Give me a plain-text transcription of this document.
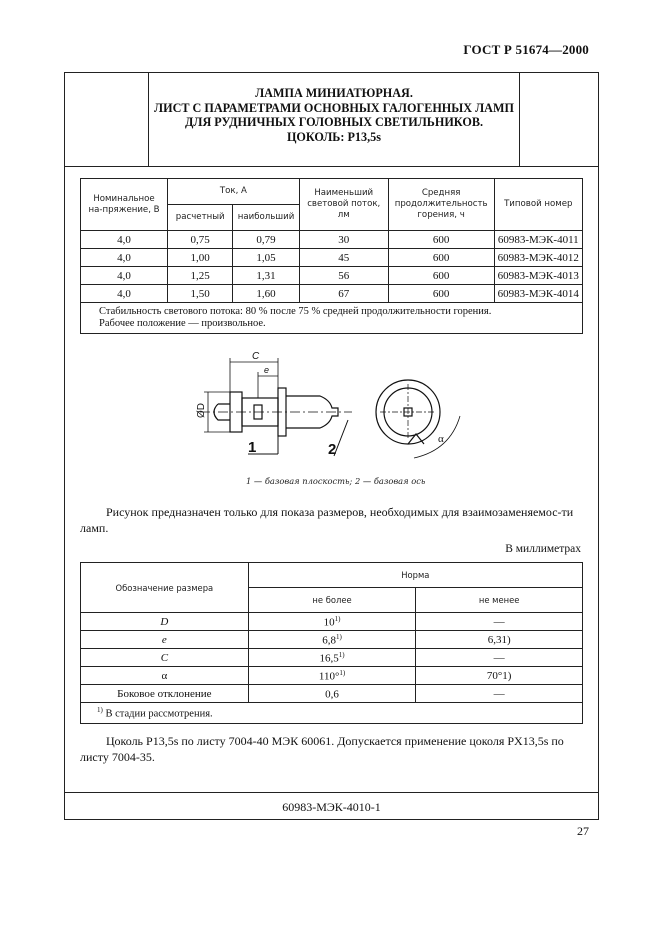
ГОСТ Р 51674—2000
ЛАМПА МИНИАТЮРНАЯ.
ЛИСТ С ПАРАМЕТРАМИ ОСНОВНЫХ ГАЛОГЕННЫХ ЛАМП
ДЛЯ РУДНИЧНЫХ ГОЛОВНЫХ СВЕТИЛЬНИКОВ.
ЦОКОЛЬ: P13,5s
Номинальное на-пряжение, В	Ток, А		Наименьший световой поток, лм	Средняя продолжительность горения, ч	Типовой номер
	расчетный	наибольший			
4,0	0,75	0,79	30	600	60983-МЭК-4011
4,0	1,00	1,05	45	600	60983-МЭК-4012
4,0	1,25	1,31	56	600	60983-МЭК-4013
4,0	1,50	1,60	67	600	60983-МЭК-4014

Стабильность светового потока: 80 % после 75 % средней продолжительности горения.
Рабочее положение — произвольное.					
C
e
ØD
α
1	2
1 — базовая плоскость; 2 — базовая ось
Рисунок предназначен только для показа размеров, необходимых для взаимозаменяемос-ти ламп.
В миллиметрах
Обозначение размера	Норма	
	не более	не менее
D	10$^{1)}$	—
e	6,8$^{1)}$	6,31)
C	16,5$^{1)}$	—
α	110°$^{1)}$	70°1)
Боковое отклонение	0,6	—
$^{1)}$ В стадии рассмотрения.		
Цоколь P13,5s по листу 7004-40 МЭК 60061. Допускается применение цоколя PX13,5s по листу 7004-35.
60983-МЭК-4010-1
27
